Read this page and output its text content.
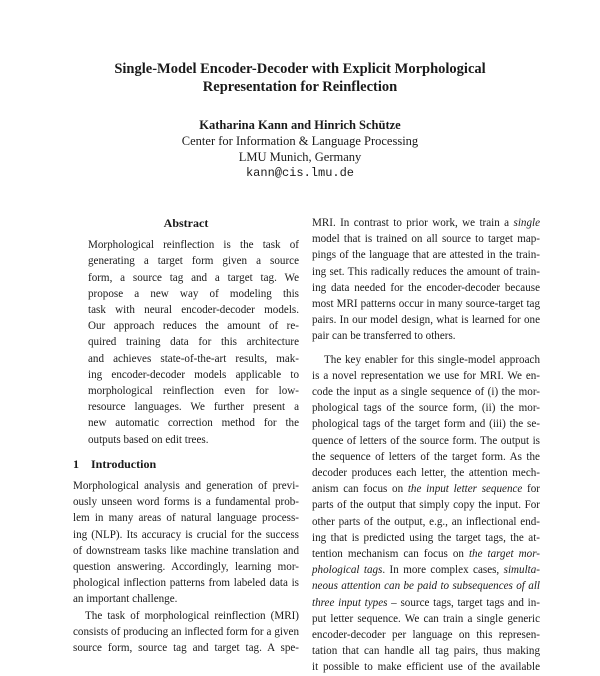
Single-Model Encoder-Decoder with Explicit Morphological
Representation for Reinflection
Katharina Kann and Hinrich Schütze
Center for Information & Language Processing
LMU Munich, Germany
kann@cis.lmu.de
Abstract
Morphological reinflection is the task of
generating a target form given a source
form, a source tag and a target tag. We
propose a new way of modeling this
task with neural encoder-decoder models.
Our approach reduces the amount of re-
quired training data for this architecture
and achieves state-of-the-art results, mak-
ing encoder-decoder models applicable to
morphological reinflection even for low-
resource languages. We further present a
new automatic correction method for the
outputs based on edit trees.
1 Introduction
Morphological analysis and generation of previ-
ously unseen word forms is a fundamental prob-
lem in many areas of natural language process-
ing (NLP). Its accuracy is crucial for the success
of downstream tasks like machine translation and
question answering. Accordingly, learning mor-
phological inflection patterns from labeled data is
an important challenge.
The task of morphological reinflection (MRI)
consists of producing an inflected form for a given
source form, source tag and target tag. A spe-
MRI. In contrast to prior work, we train a single
model that is trained on all source to target map-
pings of the language that are attested in the train-
ing set. This radically reduces the amount of train-
ing data needed for the encoder-decoder because
most MRI patterns occur in many source-target tag
pairs. In our model design, what is learned for one
pair can be transferred to others.
The key enabler for this single-model approach
is a novel representation we use for MRI. We en-
code the input as a single sequence of (i) the mor-
phological tags of the source form, (ii) the mor-
phological tags of the target form and (iii) the se-
quence of letters of the source form. The output is
the sequence of letters of the target form. As the
decoder produces each letter, the attention mech-
anism can focus on the input letter sequence for
parts of the output that simply copy the input. For
other parts of the output, e.g., an inflectional end-
ing that is predicted using the target tags, the at-
tention mechanism can focus on the target mor-
phological tags. In more complex cases, simulta-
neous attention can be paid to subsequences of all
three input types – source tags, target tags and in-
put letter sequence. We can train a single generic
encoder-decoder per language on this represen-
tation that can handle all tag pairs, thus making
it possible to make efficient use of the available
